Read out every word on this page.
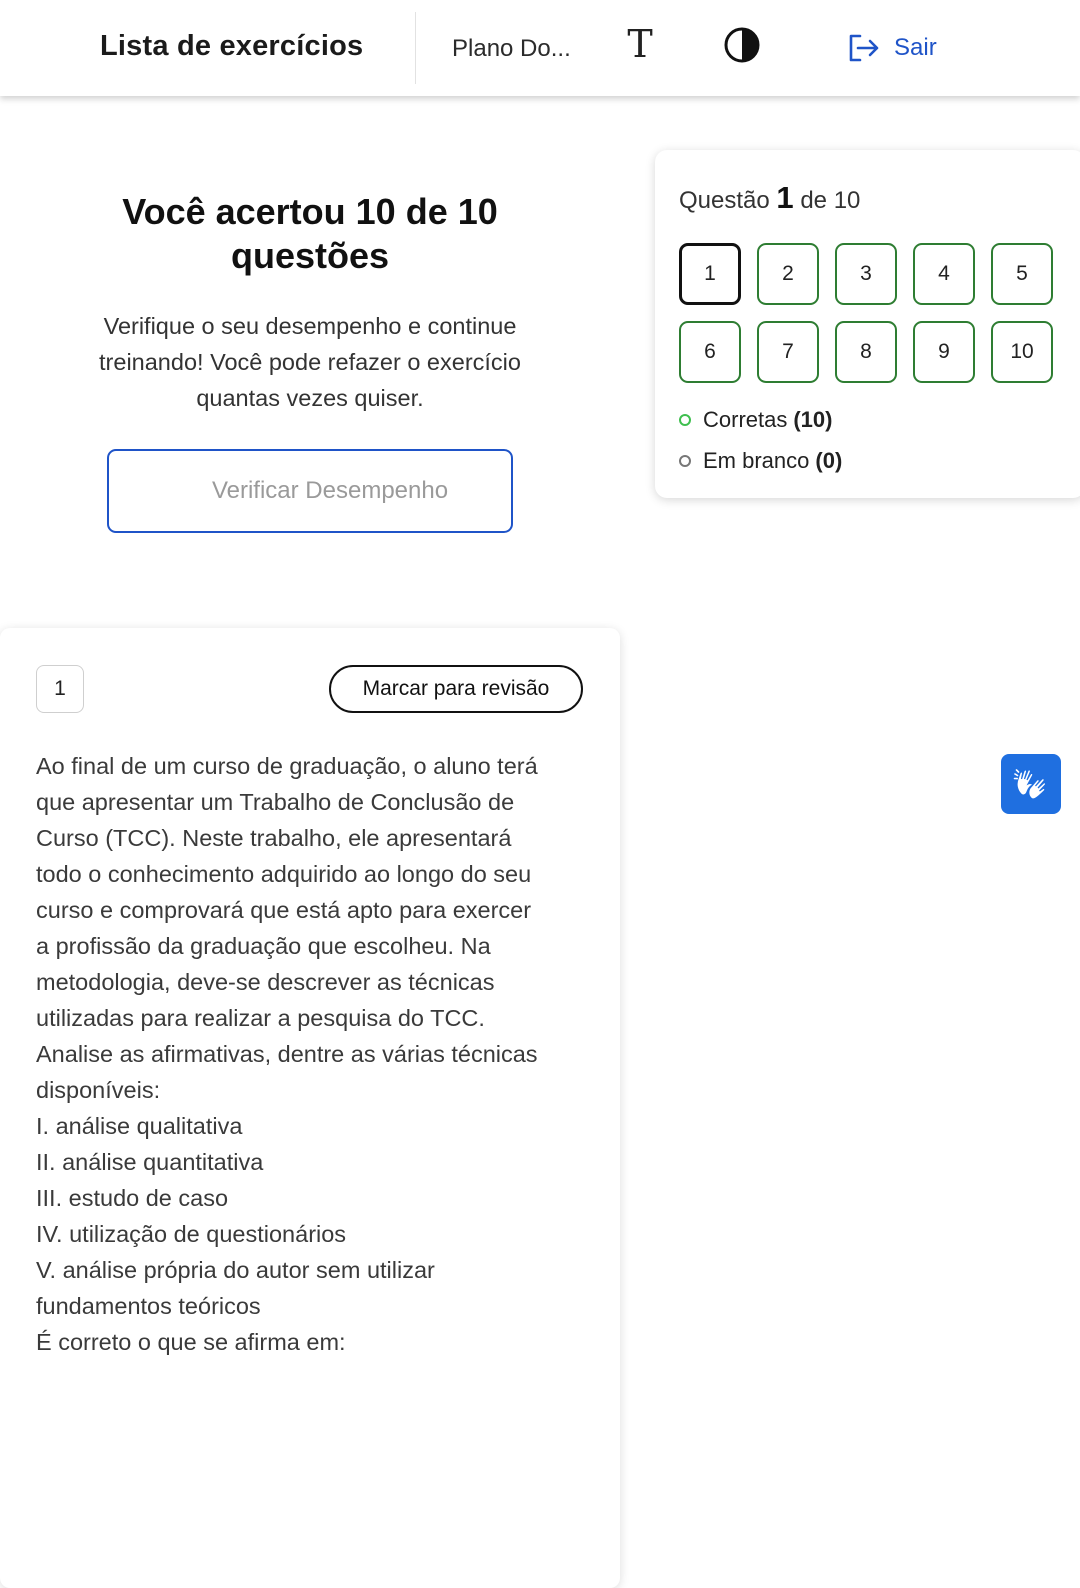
Lista de exercícios	Plano Do... T	Sair
Você acertou 10 de 10 questões

Verifique o seu desempenho e continue treinando! Você pode refazer o exercício quantas vezes quiser.

Verificar Desempenho
Questão 1 de 10
1	2	3	4	5
6	7	8	9	10
Corretas (10)
Em branco (0)
1	Marcar para revisão
Ao final de um curso de graduação, o aluno terá
que apresentar um Trabalho de Conclusão de
Curso (TCC). Neste trabalho, ele apresentará
todo o conhecimento adquirido ao longo do seu
curso e comprovará que está apto para exercer
a profissão da graduação que escolheu. Na
metodologia, deve-se descrever as técnicas
utilizadas para realizar a pesquisa do TCC.
Analise as afirmativas, dentre as várias técnicas
disponíveis:
I. análise qualitativa
II. análise quantitativa
III. estudo de caso
IV. utilização de questionários
V. análise própria do autor sem utilizar
fundamentos teóricos
É correto o que se afirma em:
